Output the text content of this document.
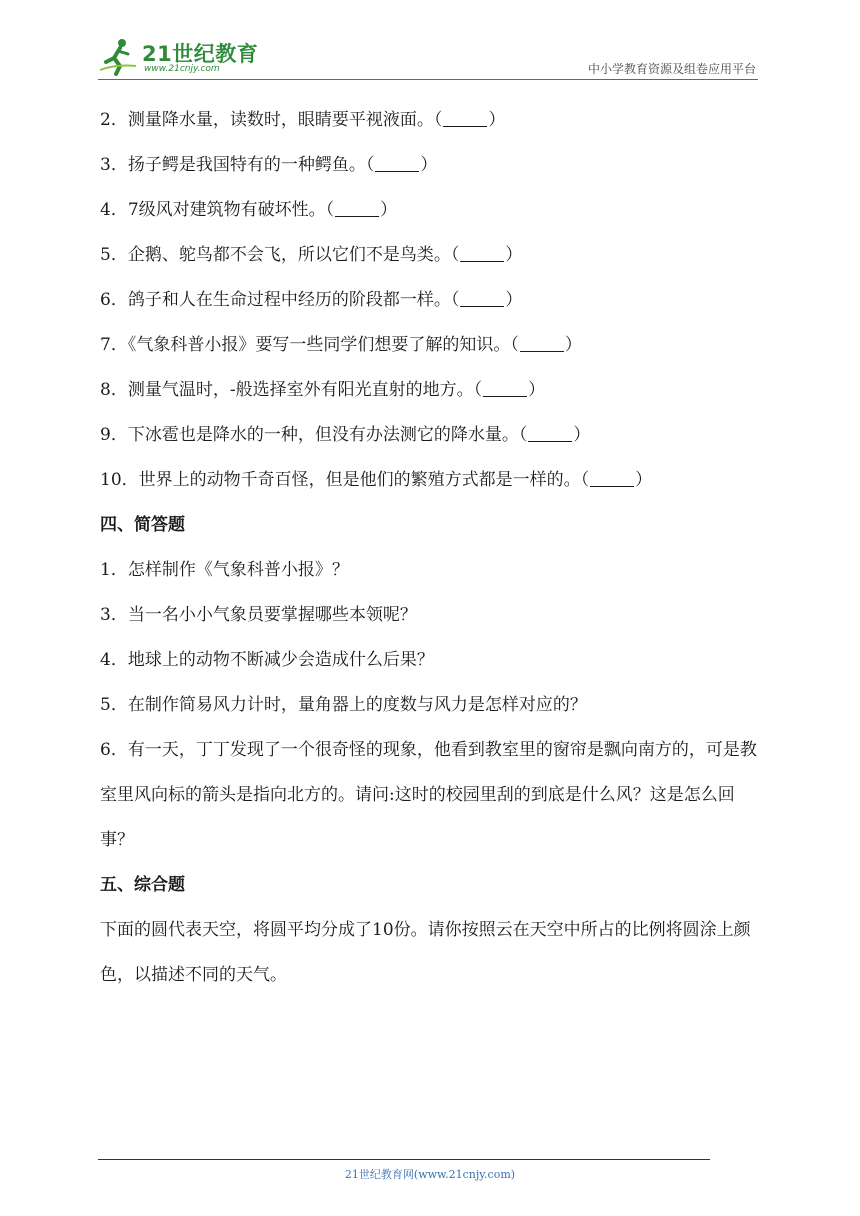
21世纪教育
www.21cnjy.com	中小学教育资源及组卷应用平台
2．测量降水量，读数时，眼睛要平视液面。（	）
3．扬子鳄是我国特有的一种鳄鱼。（	）
4．7级风对建筑物有破坏性。（	）
5．企鹅、鸵鸟都不会飞，所以它们不是鸟类。（	）
6．鸽子和人在生命过程中经历的阶段都一样。（	）
7．《气象科普小报》要写一些同学们想要了解的知识。（	）
8．测量气温时，-般选择室外有阳光直射的地方。（	）
9．下冰雹也是降水的一种，但没有办法测它的降水量。（	）
10．世界上的动物千奇百怪，但是他们的繁殖方式都是一样的。（	）
四、简答题
1．怎样制作《气象科普小报》？
3．当一名小小气象员要掌握哪些本领呢？
4．地球上的动物不断减少会造成什么后果？
5．在制作简易风力计时，量角器上的度数与风力是怎样对应的？
6．有一天，丁丁发现了一个很奇怪的现象，他看到教室里的窗帘是飘向南方的，可是教室里风向标的箭头是指向北方的。请问:这时的校园里刮的到底是什么风？这是怎么回事？
五、综合题
下面的圆代表天空，将圆平均分成了10份。请你按照云在天空中所占的比例将圆涂上颜色，以描述不同的天气。
21世纪教育网(www.21cnjy.com)
